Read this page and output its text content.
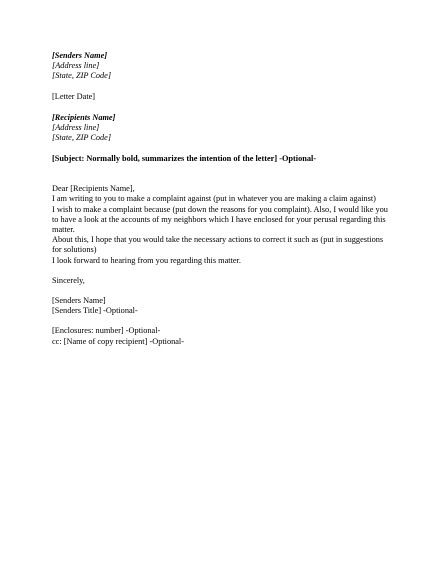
[Senders Name]
[Address line]
[State, ZIP Code]
[Letter Date]
[Recipients Name]
[Address line]
[State, ZIP Code]
[Subject: Normally bold, summarizes the intention of the letter] -Optional-
Dear [Recipients Name],

I am writing to you to make a complaint against (put in whatever you are making a claim against)

I wish to make a complaint because (put down the reasons for you complaint). Also, I would like you to have a look at the accounts of my neighbors which I have enclosed for your perusal regarding this matter.

About this, I hope that you would take the necessary actions to correct it such as (put in suggestions for solutions)

I look forward to hearing from you regarding this matter.

Sincerely,
[Senders Name]
[Senders Title] -Optional-
[Enclosures: number] -Optional-
cc: [Name of copy recipient] -Optional-
